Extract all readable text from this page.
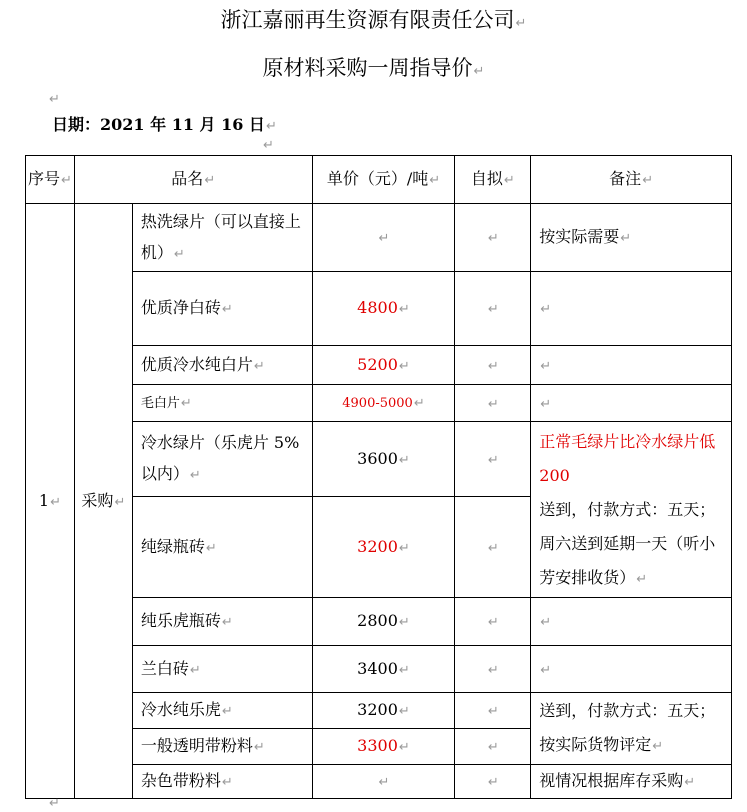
浙江嘉丽再生资源有限责任公司↵
原材料采购一周指导价↵
↵
日期：2021 年 11 月 16 日↵
↵
序号↵	品名↵		单价（元）/吨↵	自拟↵	备注↵
1↵	采购↵	热洗绿片（可以直接上机）↵	↵	↵	按实际需要↵
		优质净白砖↵	4800↵	↵	↵
		优质冷水纯白片↵	5200↵	↵	↵
		毛白片↵	4900-5000↵	↵	↵
		冷水绿片（乐虎片 5%以内）↵	3600↵	↵	正常毛绿片比冷水绿片低 200
送到，付款方式：五天；周六送到延期一天（听小芳安排收货）↵

		纯绿瓶砖↵	3200↵	↵	
		纯乐虎瓶砖↵	2800↵	↵	↵
		兰白砖↵	3400↵	↵	↵
		冷水纯乐虎↵	3200↵	↵	送到，付款方式：五天；按实际货物评定↵
		一般透明带粉料↵	3300↵	↵	
		杂色带粉料↵	↵	↵	视情况根据库存采购↵
↵
